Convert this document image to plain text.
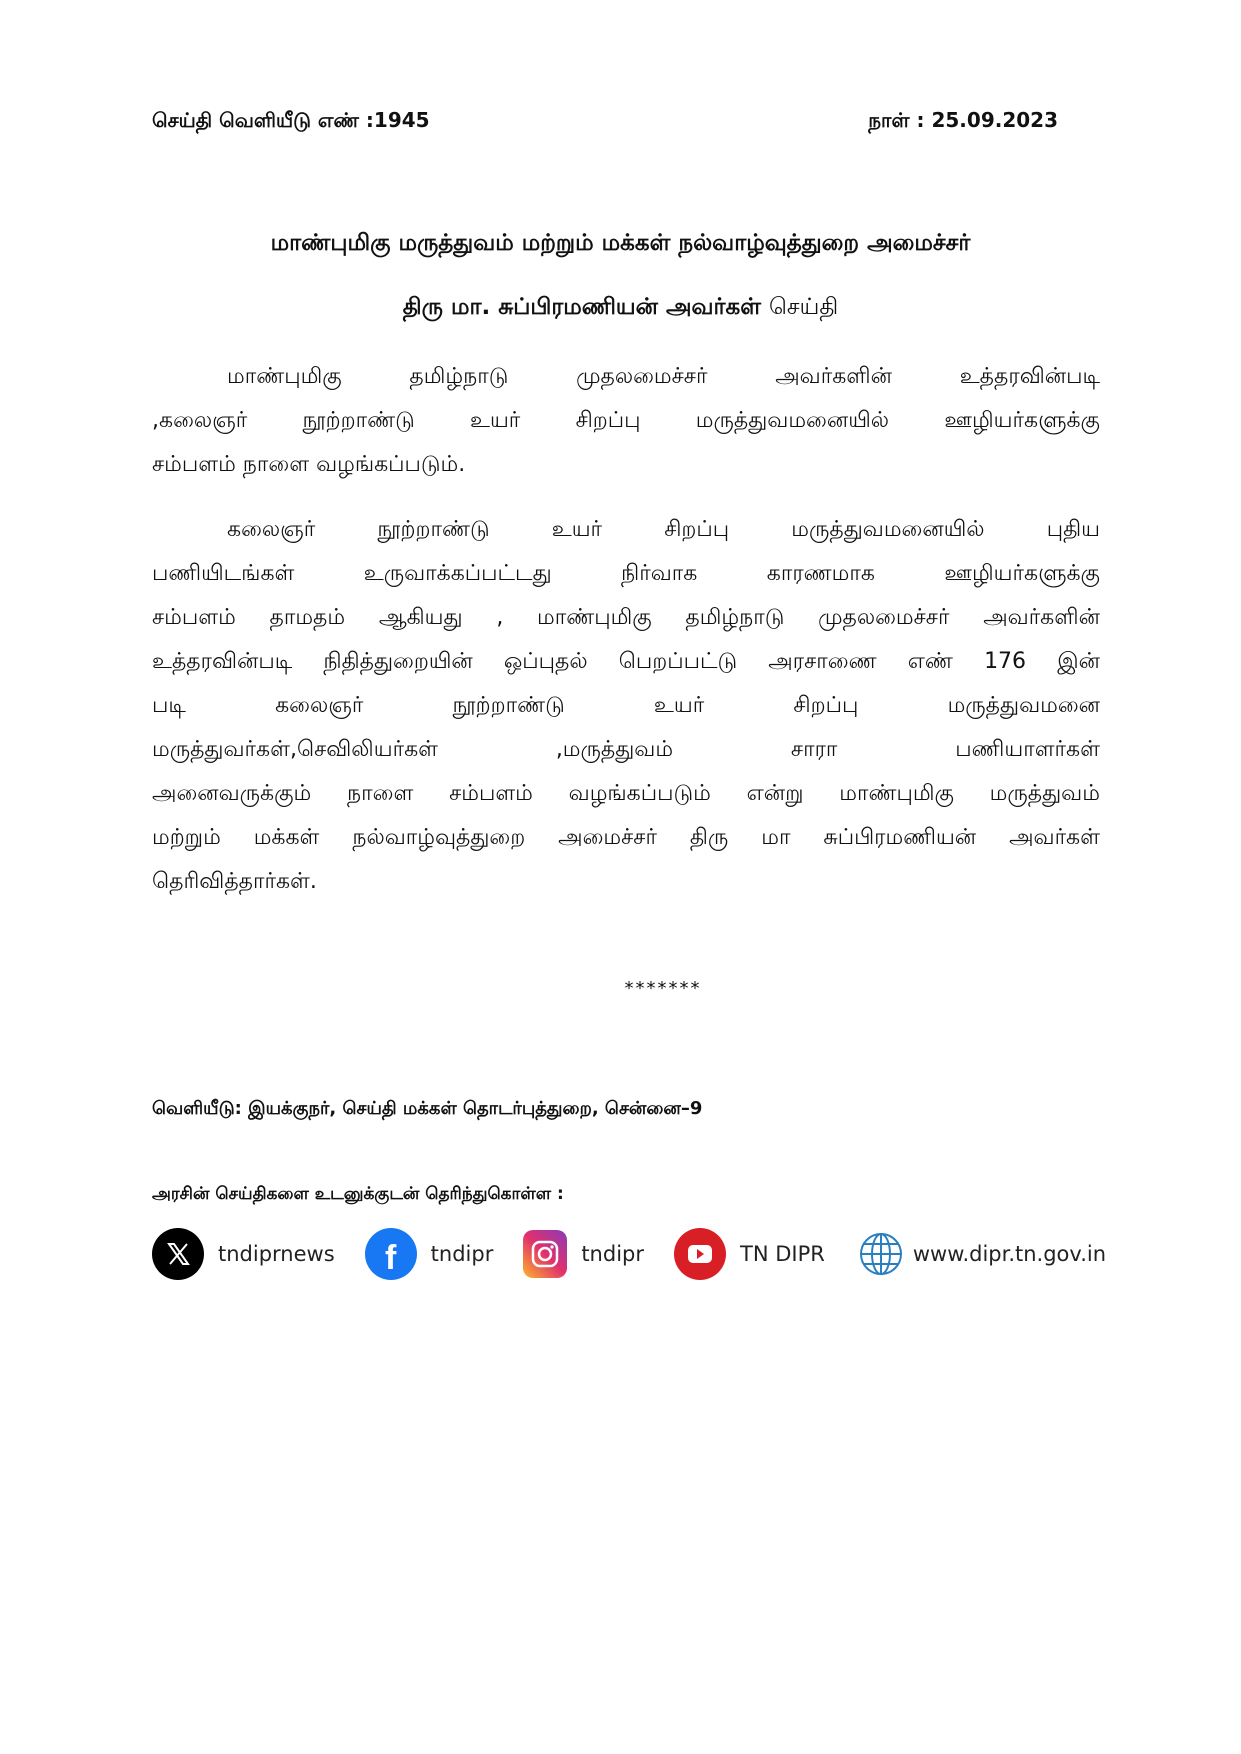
செய்தி வெளியீடு எண் :1945	நாள் : 25.09.2023
மாண்புமிகு மருத்துவம் மற்றும் மக்கள் நல்வாழ்வுத்துறை அமைச்சர்
திரு மா. சுப்பிரமணியன் அவர்கள் செய்தி
மாண்புமிகு	தமிழ்நாடு	முதலமைச்சர்	அவர்களின்	உத்தரவின்படி
,கலைஞர்	நூற்றாண்டு	உயர்	சிறப்பு	மருத்துவமனையில்	ஊழியர்களுக்கு
சம்பளம் நாளை வழங்கப்படும்.
கலைஞர்	நூற்றாண்டு	உயர்	சிறப்பு	மருத்துவமனையில்	புதிய
பணியிடங்கள்	உருவாக்கப்பட்டது	நிர்வாக	காரணமாக	ஊழியர்களுக்கு
சம்பளம் தாமதம் ஆகியது , மாண்புமிகு தமிழ்நாடு முதலமைச்சர் அவர்களின்
உத்தரவின்படி நிதித்துறையின் ஒப்புதல் பெறப்பட்டு அரசாணை எண் 176 இன்
படி	கலைஞர்	நூற்றாண்டு	உயர்	சிறப்பு	மருத்துவமனை
மருத்துவர்கள்,செவிலியர்கள்	,மருத்துவம்	சாரா	பணியாளர்கள்
அனைவருக்கும் நாளை சம்பளம் வழங்கப்படும் என்று மாண்புமிகு மருத்துவம்
மற்றும் மக்கள் நல்வாழ்வுத்துறை அமைச்சர் திரு மா சுப்பிரமணியன் அவர்கள்
தெரிவித்தார்கள்.
*******
வெளியீடு: இயக்குநர், செய்தி மக்கள் தொடர்புத்துறை, சென்னை–9
அரசின் செய்திகளை உடனுக்குடன் தெரிந்துகொள்ள :
tndiprnews f tndipr	tndipr	TN DIPR	www.dipr.tn.gov.in
